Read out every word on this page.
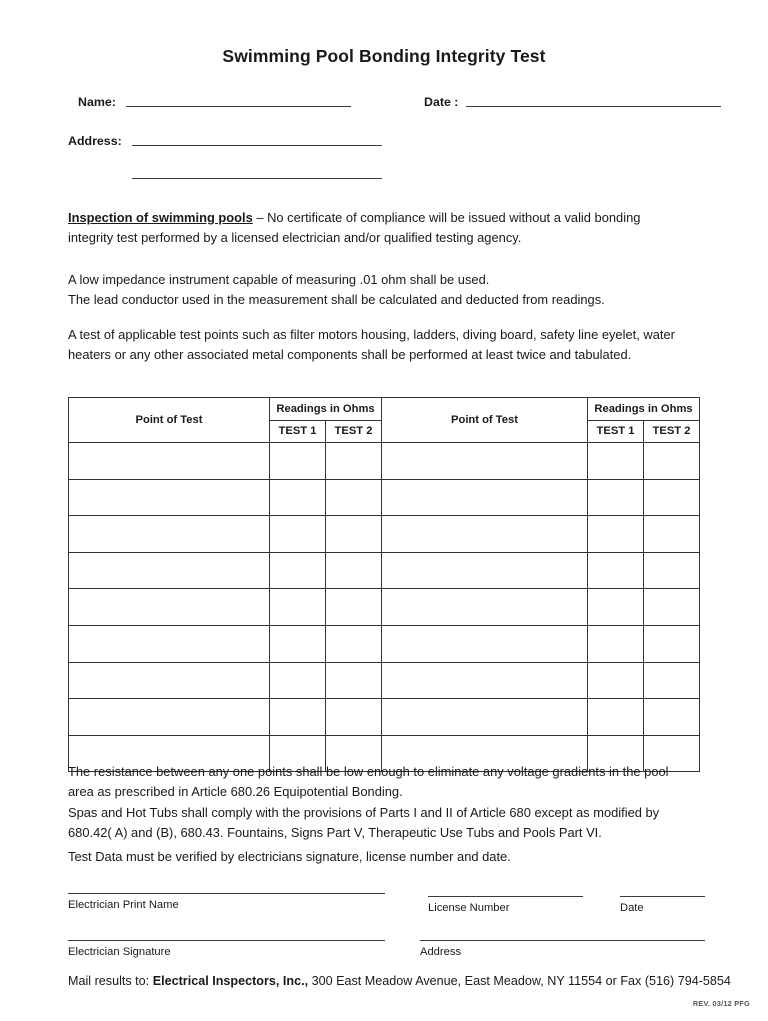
Swimming Pool Bonding Integrity Test
Name:	Date :
Address:
Inspection of swimming pools – No certificate of compliance will be issued without a valid bonding integrity test performed by a licensed electrician and/or qualified testing agency.
A low impedance instrument capable of measuring .01 ohm shall be used.
The lead conductor used in the measurement shall be calculated and deducted from readings.
A test of applicable test points such as filter motors housing, ladders, diving board, safety line eyelet, water heaters or any other associated metal components shall be performed at least twice and tabulated.
Point of Test	Readings in Ohms		Point of Test	Readings in Ohms	
	TEST 1	TEST 2		TEST 1	TEST 2

The resistance between any one points shall be low enough to eliminate any voltage gradients in the pool area as prescribed in Article 680.26 Equipotential Bonding.
Spas and Hot Tubs shall comply with the provisions of Parts I and II of Article 680 except as modified by 680.42( A) and (B), 680.43. Fountains, Signs Part V, Therapeutic Use Tubs and Pools Part VI.
Test Data must be verified by electricians signature, license number and date.
Electrician Print Name	License Number	Date
Electrician Signature	Address
Mail results to: Electrical Inspectors, Inc., 300 East Meadow Avenue, East Meadow, NY 11554 or Fax (516) 794-5854
REV. 03/12 PFG
